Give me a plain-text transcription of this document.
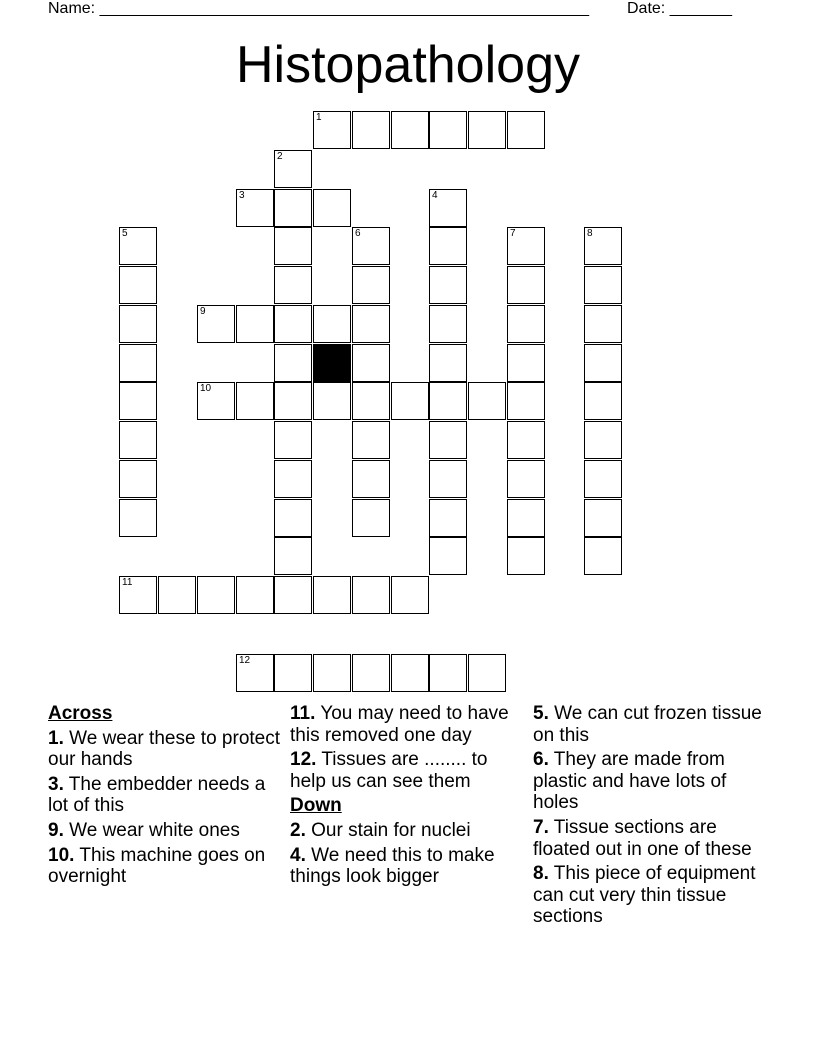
Name: _______________________________________________________ Date: _______
Histopathology
1
2
3	4
5	6	7	8
9
10
11
12
Across
1. We wear these to protect our hands
3. The embedder needs a lot of this
9. We wear white ones
10. This machine goes on overnight
11. You may need to have this removed one day
12. Tissues are ........ to help us can see them
Down
2. Our stain for nuclei
4. We need this to make things look bigger
5. We can cut frozen tissue on this
6. They are made from plastic and have lots of holes
7. Tissue sections are floated out in one of these
8. This piece of equipment can cut very thin tissue sections
